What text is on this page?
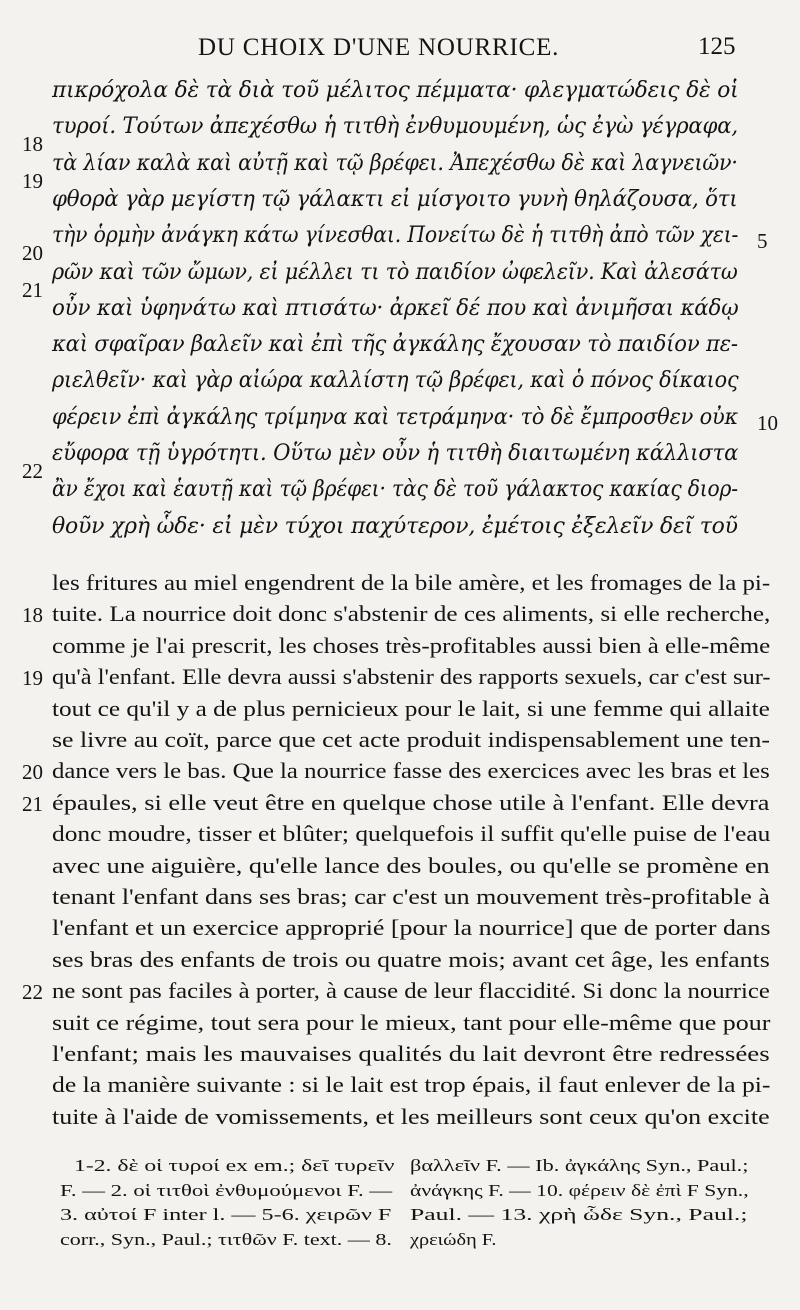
DU CHOIX D'UNE NOURRICE.	125
πικρόχολα δὲ τὰ διὰ τοῦ μέλιτος πέμματα· φλεγματώδεις δὲ οἱ
τυροί. Τούτων ἀπεχέσθω ἡ τιτθὴ ἐνθυμουμένη, ὡς ἐγὼ γέγραφα,
18
τὰ λίαν καλὰ καὶ αὐτῇ καὶ τῷ βρέφει. Ἀπεχέσθω δὲ καὶ λαγνειῶν·
19
φθορὰ γὰρ μεγίστη τῷ γάλακτι εἰ μίσγοιτο γυνὴ θηλάζουσα, ὅτι
τὴν ὁρμὴν ἀνάγκη κάτω γίνεσθαι. Πονείτω δὲ ἡ τιτθὴ ἀπὸ τῶν χει-
20	5
ρῶν καὶ τῶν ὤμων, εἰ μέλλει τι τὸ παιδίον ὠφελεῖν. Καὶ ἀλεσάτω
21
οὖν καὶ ὑφηνάτω καὶ πτισάτω· ἀρκεῖ δέ που καὶ ἀνιμῆσαι κάδῳ
καὶ σφαῖραν βαλεῖν καὶ ἐπὶ τῆς ἀγκάλης ἔχουσαν τὸ παιδίον πε-
ριελθεῖν· καὶ γὰρ αἰώρα καλλίστη τῷ βρέφει, καὶ ὁ πόνος δίκαιος
φέρειν ἐπὶ ἀγκάλης τρίμηνα καὶ τετράμηνα· τὸ δὲ ἔμπροσθεν οὐκ 10
εὔφορα τῇ ὑγρότητι. Οὕτω μὲν οὖν ἡ τιτθὴ διαιτωμένη κάλλιστα
22
ἂν ἔχοι καὶ ἑαυτῇ καὶ τῷ βρέφει· τὰς δὲ τοῦ γάλακτος κακίας διορ-
θοῦν χρὴ ὧδε· εἰ μὲν τύχοι παχύτερον, ἐμέτοις ἐξελεῖν δεῖ τοῦ
les fritures au miel engendrent de la bile amère, et les fromages de la pi-
tuite. La nourrice doit donc s'abstenir de ces aliments, si elle recherche,
18
comme je l'ai prescrit, les choses très-profitables aussi bien à elle-même
qu'à l'enfant. Elle devra aussi s'abstenir des rapports sexuels, car c'est sur-
19
tout ce qu'il y a de plus pernicieux pour le lait, si une femme qui allaite
se livre au coït, parce que cet acte produit indispensablement une ten-
dance vers le bas. Que la nourrice fasse des exercices avec les bras et les
20
épaules, si elle veut être en quelque chose utile à l'enfant. Elle devra
21
donc moudre, tisser et blûter; quelquefois il suffit qu'elle puise de l'eau
avec une aiguière, qu'elle lance des boules, ou qu'elle se promène en
tenant l'enfant dans ses bras; car c'est un mouvement très-profitable à
l'enfant et un exercice approprié [pour la nourrice] que de porter dans
ses bras des enfants de trois ou quatre mois; avant cet âge, les enfants
ne sont pas faciles à porter, à cause de leur flaccidité. Si donc la nourrice
22
suit ce régime, tout sera pour le mieux, tant pour elle-même que pour
l'enfant; mais les mauvaises qualités du lait devront être redressées
de la manière suivante : si le lait est trop épais, il faut enlever de la pi-
tuite à l'aide de vomissements, et les meilleurs sont ceux qu'on excite
1-2. δὲ οἱ τυροί ex em.; δεῖ τυρεῖν
F. — 2. οἱ τιτθοὶ ἐνθυμούμενοι F. —
3. αὐτοί F inter l. — 5-6. χειρῶν F
corr., Syn., Paul.; τιτθῶν F. text. — 8.
βαλλεῖν F. — Ib. ἀγκάλης Syn., Paul.;
ἀνάγκης F. — 10. φέρειν δὲ ἐπὶ F Syn.,
Paul. — 13. χρὴ ὧδε Syn., Paul.;
χρειώδη F.
